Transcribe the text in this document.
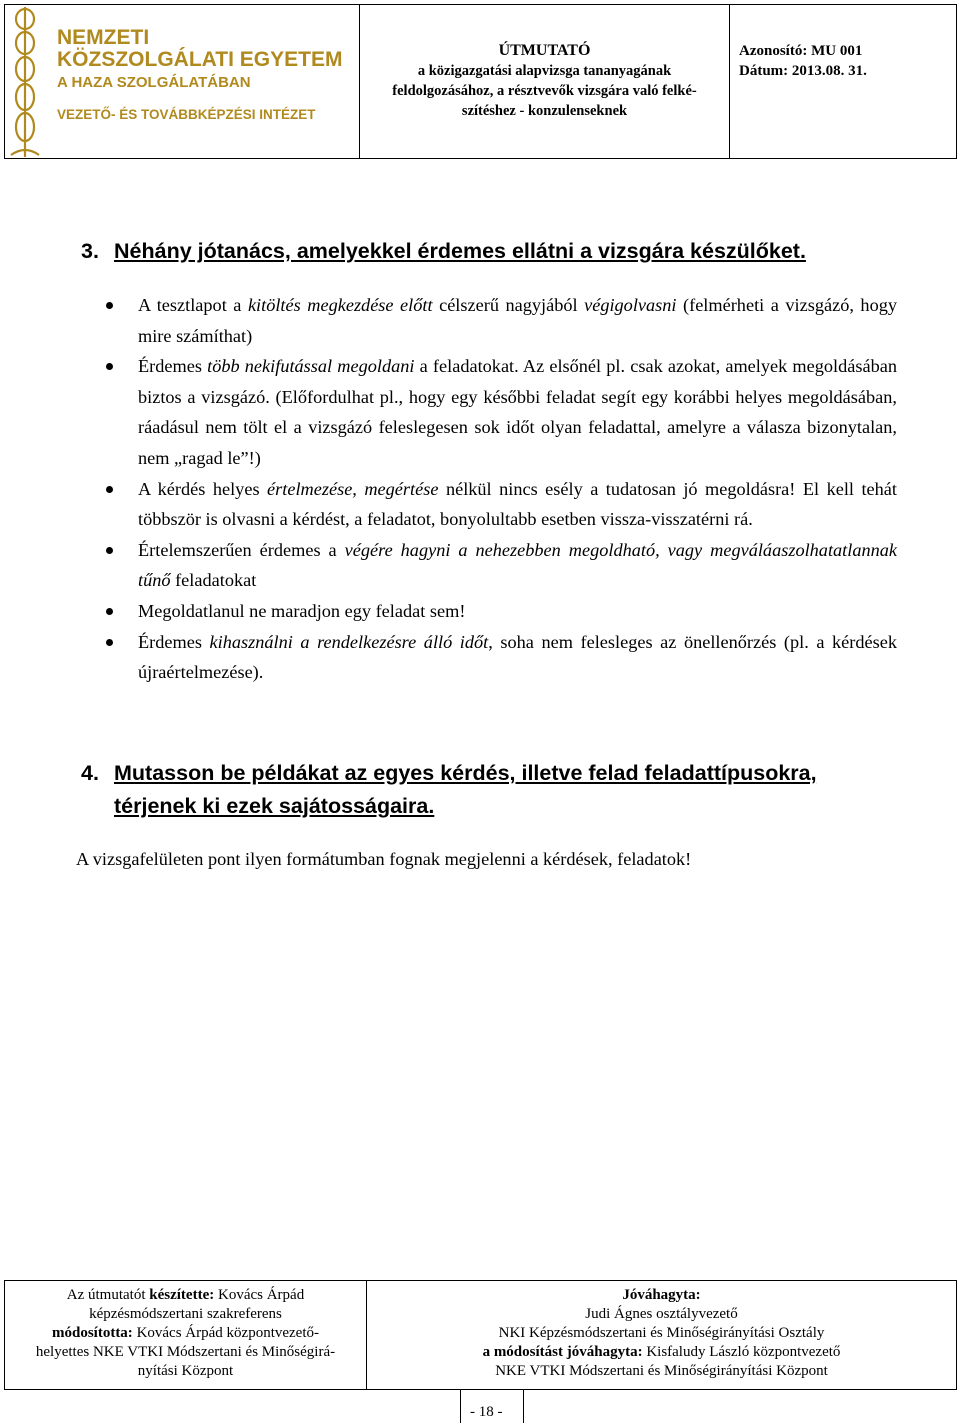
NEMZETI
KÖZSZOLGÁLATI EGYETEM
A HAZA SZOLGÁLATÁBAN
VEZETŐ- ÉS TOVÁBBKÉPZÉSI INTÉZET
ÚTMUTATÓ
a közigazgatási alapvizsga tananyagának
feldolgozásához, a résztvevők vizsgára való felké-
szítéshez - konzulenseknek
Azonosító: MU 001
Dátum: 2013.08. 31.
3. Néhány jótanács, amelyekkel érdemes ellátni a vizsgára készülőket.
A tesztlapot a kitöltés megkezdése előtt célszerű nagyjából végigolvasni (felmérheti a vizsgázó, hogy mire számíthat)
Érdemes több nekifutással megoldani a feladatokat. Az elsőnél pl. csak azokat, amelyek megoldásában biztos a vizsgázó. (Előfordulhat pl., hogy egy későbbi feladat segít egy korábbi helyes megoldásában, ráadásul nem tölt el a vizsgázó feleslegesen sok időt olyan feladattal, amelyre a válasza bizonytalan, nem „ragad le”!)
A kérdés helyes értelmezése, megértése nélkül nincs esély a tudatosan jó megoldásra! El kell tehát többször is olvasni a kérdést, a feladatot, bonyolultabb esetben vissza-visszatérni rá.
Értelemszerűen érdemes a végére hagyni a nehezebben megoldható, vagy megváláaszolhatatlannak tűnő feladatokat
Megoldatlanul ne maradjon egy feladat sem!
Érdemes kihasználni a rendelkezésre álló időt, soha nem felesleges az önellenőrzés (pl. a kérdések újraértelmezése).
4. Mutasson be példákat az egyes kérdés, illetve felad feladattípusokra,
térjenek ki ezek sajátosságaira.
A vizsgafelületen pont ilyen formátumban fognak megjelenni a kérdések, feladatok!
Az útmutatót készítette: Kovács Árpád
képzésmódszertani szakreferens
módosította: Kovács Árpád központvezető-
helyettes NKE VTKI Módszertani és Minőségirá-
nyítási Központ
Jóváhagyta:
Judi Ágnes osztályvezető
NKI Képzésmódszertani és Minőségirányítási Osztály
a módosítást jóváhagyta: Kisfaludy László központvezető
NKE VTKI Módszertani és Minőségirányítási Központ
- 18 -
